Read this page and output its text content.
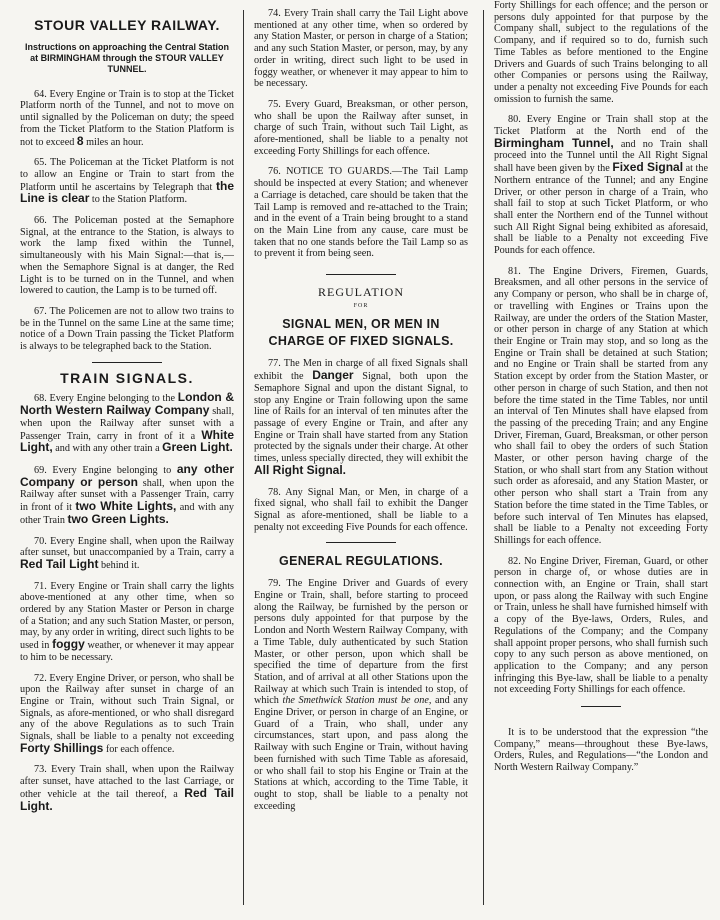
STOUR VALLEY RAILWAY.
Instructions on approaching the Central Station at BIRMINGHAM through the STOUR VALLEY TUNNEL.

64. Every Engine or Train is to stop at the Ticket Platform north of the Tunnel, and not to move on until signalled by the Policeman on duty; the speed from the Ticket Platform to the Station Platform is not to exceed 8 miles an hour.

65. The Policeman at the Ticket Platform is not to allow an Engine or Train to start from the Platform until he ascertains by Telegraph that the Line is clear to the Station Platform.

66. The Policeman posted at the Semaphore Signal, at the entrance to the Station, is always to work the lamp fixed within the Tunnel, simultaneously with his Main Signal:—that is,—when the Semaphore Signal is at danger, the Red Light is to be turned on in the Tunnel, and when lowered to caution, the Lamp is to be turned off.

67. The Policemen are not to allow two trains to be in the Tunnel on the same Line at the same time; notice of a Down Train passing the Ticket Platform is always to be telegraphed back to the Station.

TRAIN SIGNALS.

68. Every Engine belonging to the London & North Western Railway Company shall, when upon the Railway after sunset with a Passenger Train, carry in front of it a White Light, and with any other train a Green Light.

69. Every Engine belonging to any other Company or person shall, when upon the Railway after sunset with a Passenger Train, carry in front of it two White Lights, and with any other Train two Green Lights.

70. Every Engine shall, when upon the Railway after sunset, but unaccompanied by a Train, carry a Red Tail Light behind it.

71. Every Engine or Train shall carry the lights above-mentioned at any other time, when so ordered by any Station Master or Person in charge of a Station; and any such Station Master, or person, may, by any order in writing, direct such lights to be used in foggy weather, or whenever it may appear to him to be necessary.

72. Every Engine Driver, or person, who shall be upon the Railway after sunset in charge of an Engine or Train, without such Train Signal, or Signals, as afore-mentioned, or who shall disregard any of the above Regulations as to such Train Signals, shall be liable to a penalty not exceeding Forty Shillings for each offence.

73. Every Train shall, when upon the Railway after sunset, have attached to the last Carriage, or other vehicle at the tail thereof, a Red Tail Light.

74. Every Train shall carry the Tail Light above mentioned at any other time, when so ordered by any Station Master, or person in charge of a Station; and any such Station Master, or person, may, by any order in writing, direct such light to be used in foggy weather, or whenever it may appear to him to be necessary.

75. Every Guard, Breaksman, or other person, who shall be upon the Railway after sunset, in charge of such Train, without such Tail Light, as afore-mentioned, shall be liable to a penalty not exceeding Forty Shillings for each offence.

76. NOTICE TO GUARDS.—The Tail Lamp should be inspected at every Station; and whenever a Carriage is detached, care should be taken that the Tail Lamp is removed and re-attached to the Train; and in the event of a Train being brought to a stand on the Main Line from any cause, care must be taken that no one stands before the Tail Lamp so as to prevent it from being seen.

REGULATION
FOR
SIGNAL MEN, OR MEN IN CHARGE OF FIXED SIGNALS.

77. The Men in charge of all fixed Signals shall exhibit the Danger Signal, both upon the Semaphore Signal and upon the distant Signal, to stop any Engine or Train following upon the same line of Rails for an interval of ten minutes after the passage of every Engine or Train, and after any Engine or Train shall have started from any Station protected by the signals under their charge. At other times, unless specially directed, they will exhibit the All Right Signal.

78. Any Signal Man, or Men, in charge of a fixed signal, who shall fail to exhibit the Danger Signal as afore-mentioned, shall be liable to a penalty not exceeding Five Pounds for each offence.

GENERAL REGULATIONS.

79. The Engine Driver and Guards of every Engine or Train, shall, before starting to proceed along the Railway, be furnished by the person or persons duly appointed for that purpose by the London and North Western Railway Company, with a Time Table, duly authenticated by such Station Master, or other person, upon which shall be specified the time of departure from the first Station, and of arrival at all other Stations upon the Railway at which such Train is intended to stop, of which the Smethwick Station must be one, and any Engine Driver, or person in charge of an Engine, or Guard of a Train, who shall, under any circumstances, start upon, and pass along the Railway with such Engine or Train, without having been furnished with such Time Table as aforesaid, or who shall fail to stop his Engine or Train at the Stations at which, according to the Time Table, it ought to stop, shall be liable to a penalty not exceeding

Forty Shillings for each offence; and the person or persons duly appointed for that purpose by the Company shall, subject to the regulations of the Company, and if required so to do, furnish such Time Tables as before mentioned to the Engine Drivers and Guards of such Trains belonging to all other Companies or persons using the Railway, under a penalty not exceeding Five Pounds for each omission to furnish the same.

80. Every Engine or Train shall stop at the Ticket Platform at the North end of the Birmingham Tunnel, and no Train shall proceed into the Tunnel until the All Right Signal shall have been given by the Fixed Signal at the Northern entrance of the Tunnel; and any Engine Driver, or other person in charge of a Train, who shall fail to stop at such Ticket Platform, or who shall enter the Northern end of the Tunnel without such All Right Signal being exhibited as aforesaid, shall be liable to a Penalty not exceeding Five Pounds for each offence.

81. The Engine Drivers, Firemen, Guards, Breaksmen, and all other persons in the service of any Company or person, who shall be in charge of, or travelling with Engines or Trains upon the Railway, are under the orders of the Station Master, or other person in charge of any Station at which their Engine or Train may stop, and so long as the Engine or Train shall be detained at such Station; and no Engine or Train shall be started from any Station except by order from the Station Master, or other person in charge of such Station, and then not before the time stated in the Time Tables, nor until an interval of Ten Minutes shall have elapsed from the passing of the preceding Train; and any Engine Driver, Fireman, Guard, Breaksman, or other person who shall fail to obey the orders of such Station Master, or other person having charge of the Station, or who shall start from any Station without such order as aforesaid, and any Station Master, or other person who shall start a Train from any Station before the time stated in the Time Tables, or before such interval of Ten Minutes has elapsed, shall be liable to a Penalty not exceeding Forty Shillings for each offence.

82. No Engine Driver, Fireman, Guard, or other person in charge of, or whose duties are in connection with, an Engine or Train, shall start upon, or pass along the Railway with such Engine or Train, unless he shall have furnished himself with a copy of the Bye-laws, Orders, Rules, and Regulations of the Company; and the Company shall appoint proper persons, who shall furnish such copy to any such person as above mentioned, on application to the Company; and any person infringing this Bye-law, shall be liable to a penalty not exceeding Forty Shillings for each offence.

It is to be understood that the expression “the Company,” means—throughout these Bye-laws, Orders, Rules, and Regulations—“the London and North Western Railway Company.”
